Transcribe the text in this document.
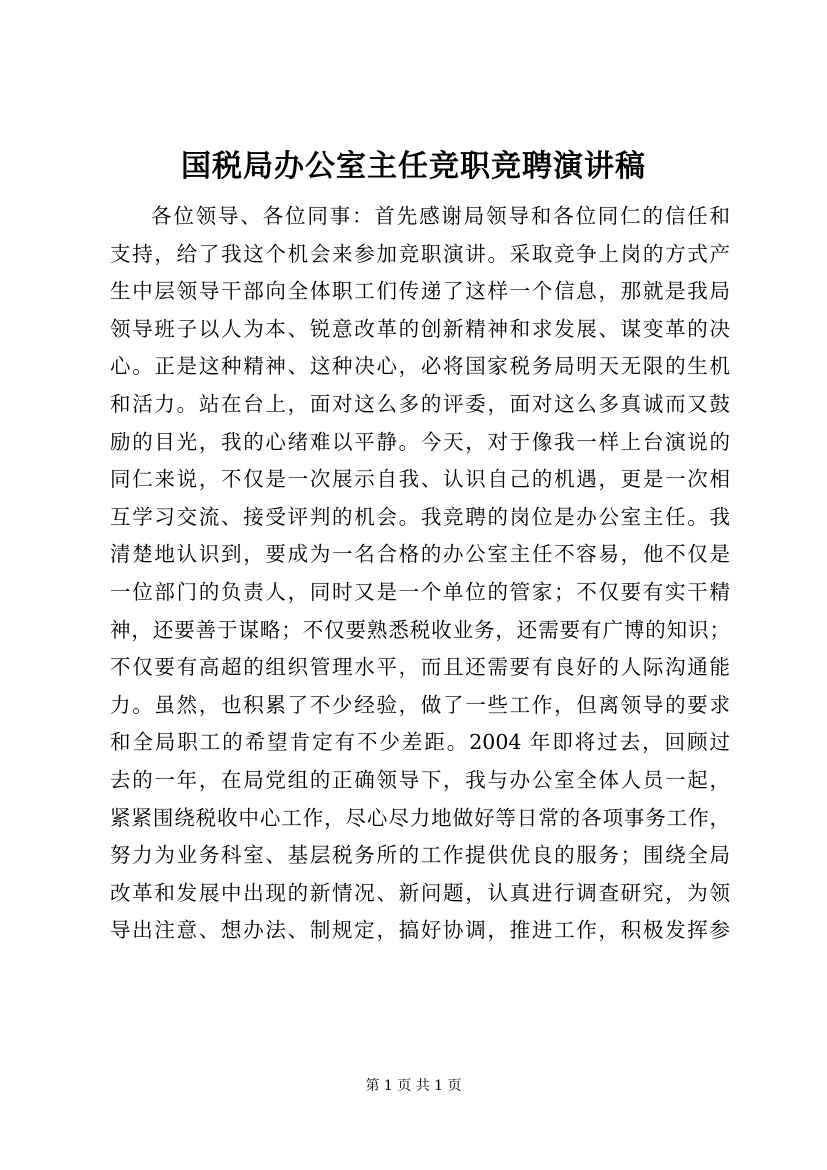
国税局办公室主任竞职竞聘演讲稿
各位领导、各位同事：首先感谢局领导和各位同仁的信任和
支持，给了我这个机会来参加竞职演讲。采取竞争上岗的方式产
生中层领导干部向全体职工们传递了这样一个信息，那就是我局
领导班子以人为本、锐意改革的创新精神和求发展、谋变革的决
心。正是这种精神、这种决心，必将国家税务局明天无限的生机
和活力。站在台上，面对这么多的评委，面对这么多真诚而又鼓
励的目光，我的心绪难以平静。今天，对于像我一样上台演说的
同仁来说，不仅是一次展示自我、认识自己的机遇，更是一次相
互学习交流、接受评判的机会。我竞聘的岗位是办公室主任。我
清楚地认识到，要成为一名合格的办公室主任不容易，他不仅是
一位部门的负责人，同时又是一个单位的管家；不仅要有实干精
神，还要善于谋略；不仅要熟悉税收业务，还需要有广博的知识；
不仅要有高超的组织管理水平，而且还需要有良好的人际沟通能
力。虽然，也积累了不少经验，做了一些工作，但离领导的要求
和全局职工的希望肯定有不少差距。2004 年即将过去，回顾过
去的一年，在局党组的正确领导下，我与办公室全体人员一起，
紧紧围绕税收中心工作，尽心尽力地做好等日常的各项事务工作，
努力为业务科室、基层税务所的工作提供优良的服务；围绕全局
改革和发展中出现的新情况、新问题，认真进行调查研究，为领
导出注意、想办法、制规定，搞好协调，推进工作，积极发挥参
第 1 页 共 1 页
